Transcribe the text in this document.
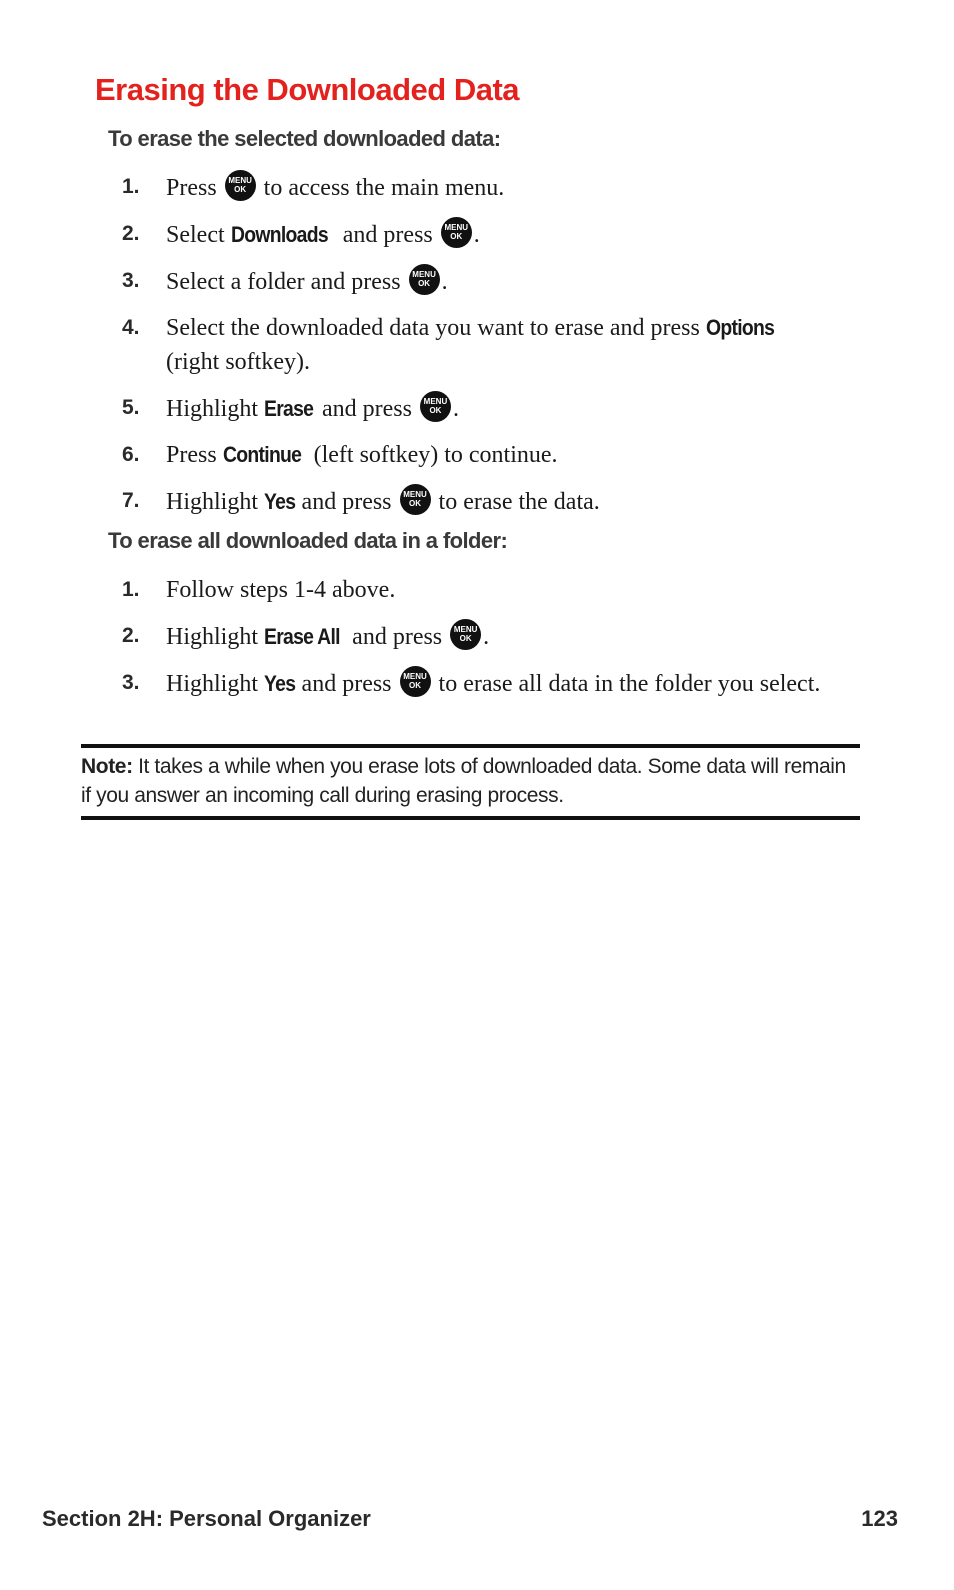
Erasing the Downloaded Data

To erase the selected downloaded data:

1. Press MENU
OK to access the main menu.
2. Select Downloads and press MENU
OK .
3. Select a folder and press MENU
OK .
4. Select the downloaded data you want to erase and press Options
(right softkey).
5. Highlight Erase and press MENU
OK .
6. Press Continue (left softkey) to continue.
7. Highlight Yes and press MENU
OK to erase the data.

To erase all downloaded data in a folder:

1. Follow steps 1-4 above.
2. Highlight Erase All and press MENU
OK .
3. Highlight Yes and press MENU
OK to erase all data in the folder you select.

Note: It takes a while when you erase lots of downloaded data. Some data will remain if you answer an incoming call during erasing process.

Section 2H: Personal Organizer	123
